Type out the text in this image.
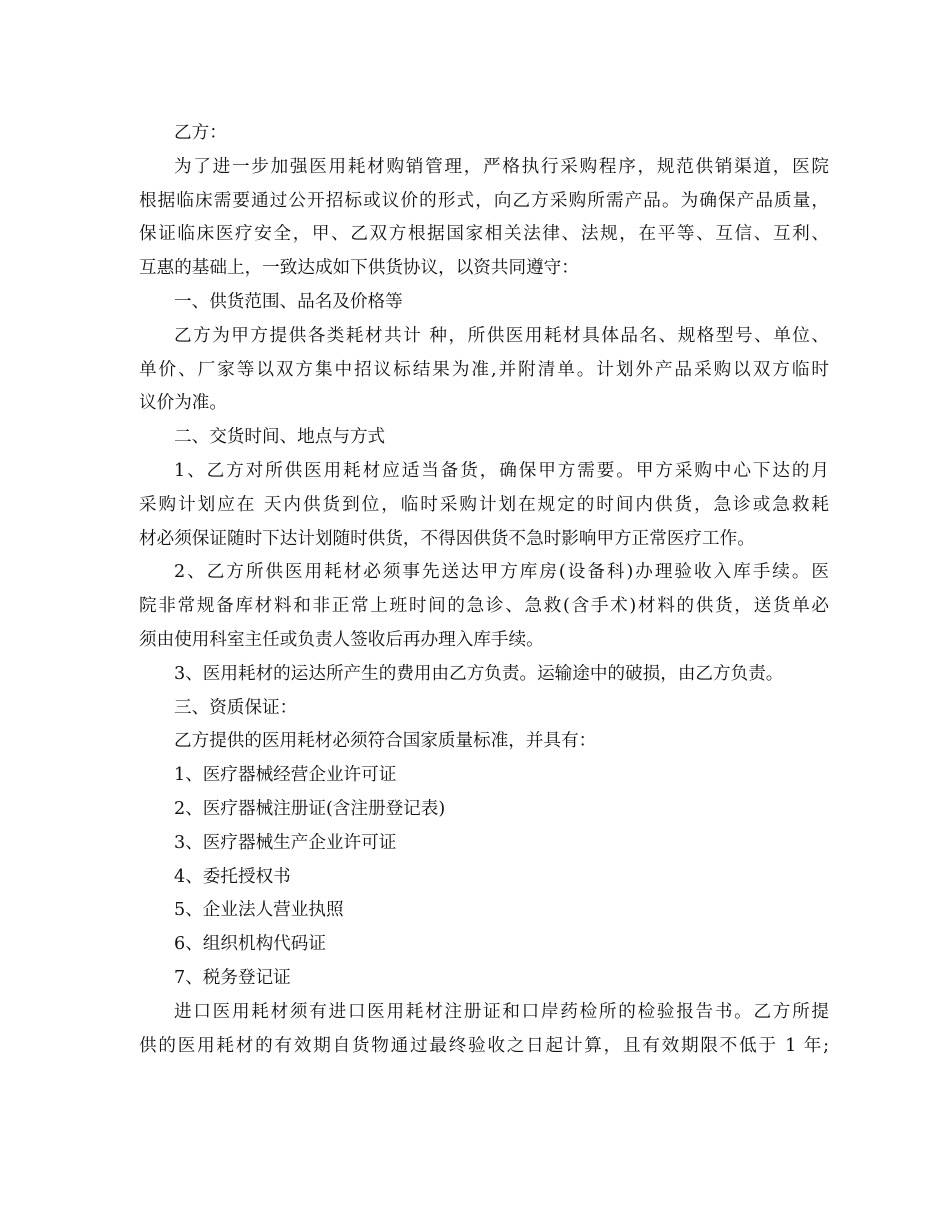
乙方：
为了进一步加强医用耗材购销管理，严格执行采购程序，规范供销渠道，医院
根据临床需要通过公开招标或议价的形式，向乙方采购所需产品。为确保产品质量，
保证临床医疗安全，甲、乙双方根据国家相关法律、法规，在平等、互信、互利、
互惠的基础上，一致达成如下供货协议，以资共同遵守：
一、供货范围、品名及价格等
乙方为甲方提供各类耗材共计 种，所供医用耗材具体品名、规格型号、单位、
单价、厂家等以双方集中招议标结果为准,并附清单。计划外产品采购以双方临时
议价为准。
二、交货时间、地点与方式
1、乙方对所供医用耗材应适当备货，确保甲方需要。甲方采购中心下达的月
采购计划应在 天内供货到位，临时采购计划在规定的时间内供货，急诊或急救耗
材必须保证随时下达计划随时供货，不得因供货不急时影响甲方正常医疗工作。
2、乙方所供医用耗材必须事先送达甲方库房(设备科)办理验收入库手续。医
院非常规备库材料和非正常上班时间的急诊、急救(含手术)材料的供货，送货单必
须由使用科室主任或负责人签收后再办理入库手续。
3、医用耗材的运达所产生的费用由乙方负责。运输途中的破损，由乙方负责。
三、资质保证：
乙方提供的医用耗材必须符合国家质量标准，并具有：
1、医疗器械经营企业许可证
2、医疗器械注册证(含注册登记表)
3、医疗器械生产企业许可证
4、委托授权书
5、企业法人营业执照
6、组织机构代码证
7、税务登记证
进口医用耗材须有进口医用耗材注册证和口岸药检所的检验报告书。乙方所提
供的医用耗材的有效期自货物通过最终验收之日起计算，且有效期限不低于 1 年;
